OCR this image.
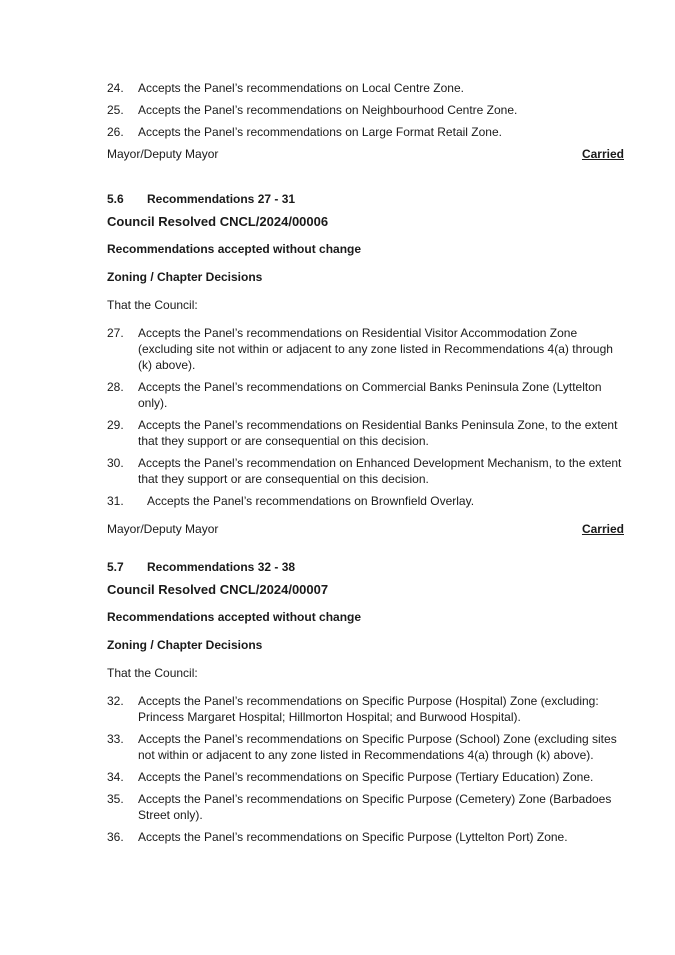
24.	Accepts the Panel’s recommendations on Local Centre Zone.
25.	Accepts the Panel’s recommendations on Neighbourhood Centre Zone.
26.	Accepts the Panel’s recommendations on Large Format Retail Zone.
Mayor/Deputy Mayor	Carried
5.6	Recommendations 27 - 31
Council Resolved CNCL/2024/00006
Recommendations accepted without change
Zoning / Chapter Decisions
That the Council:
27.	Accepts the Panel’s recommendations on Residential Visitor Accommodation Zone (excluding site not within or adjacent to any zone listed in Recommendations 4(a) through (k) above).
28.	Accepts the Panel’s recommendations on Commercial Banks Peninsula Zone (Lyttelton only).
29.	Accepts the Panel’s recommendations on Residential Banks Peninsula Zone, to the extent that they support or are consequential on this decision.
30.	Accepts the Panel’s recommendation on Enhanced Development Mechanism, to the extent that they support or are consequential on this decision.
31.	Accepts the Panel’s recommendations on Brownfield Overlay.
Mayor/Deputy Mayor	Carried
5.7	Recommendations 32 - 38
Council Resolved CNCL/2024/00007
Recommendations accepted without change
Zoning / Chapter Decisions
That the Council:
32.	Accepts the Panel’s recommendations on Specific Purpose (Hospital) Zone (excluding: Princess Margaret Hospital; Hillmorton Hospital; and Burwood Hospital).
33.	Accepts the Panel’s recommendations on Specific Purpose (School) Zone (excluding sites not within or adjacent to any zone listed in Recommendations 4(a) through (k) above).
34.	Accepts the Panel’s recommendations on Specific Purpose (Tertiary Education) Zone.
35.	Accepts the Panel’s recommendations on Specific Purpose (Cemetery) Zone (Barbadoes Street only).
36.	Accepts the Panel’s recommendations on Specific Purpose (Lyttelton Port) Zone.
